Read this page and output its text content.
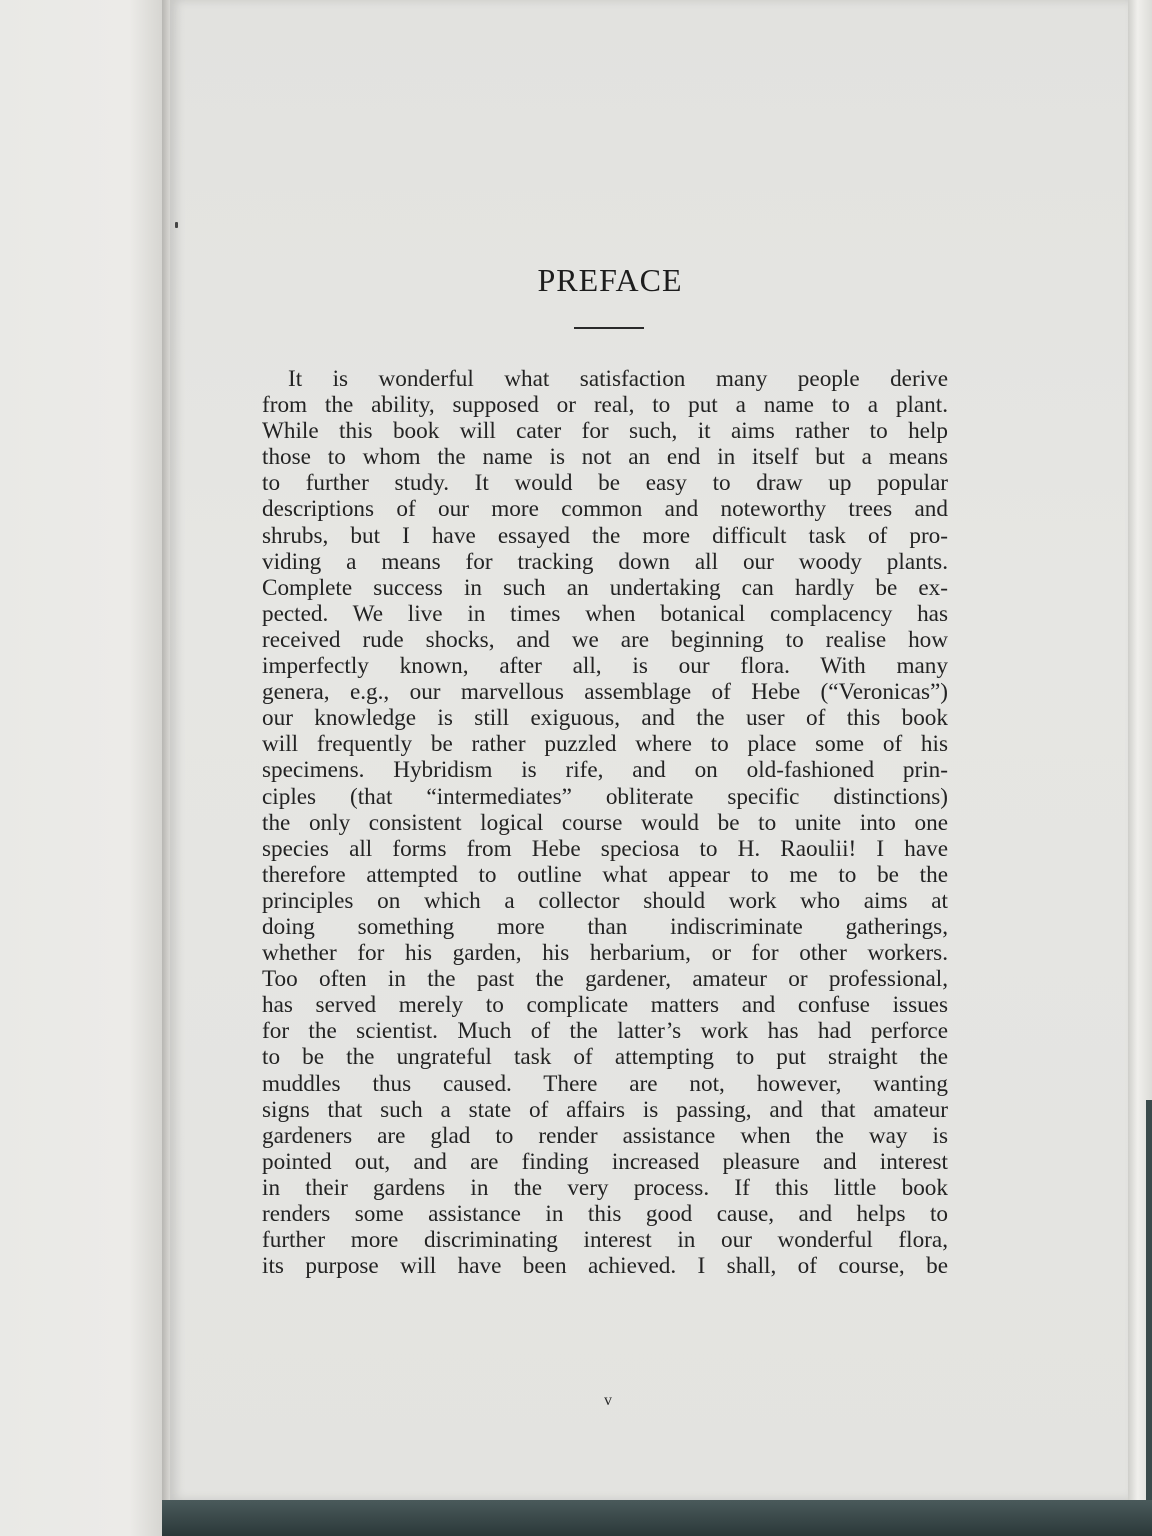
PREFACE
It is wonderful what satisfaction many people derive
from the ability, supposed or real, to put a name to a plant.
While this book will cater for such, it aims rather to help
those to whom the name is not an end in itself but a means
to further study. It would be easy to draw up popular
descriptions of our more common and noteworthy trees and
shrubs, but I have essayed the more difficult task of pro-
viding a means for tracking down all our woody plants.
Complete success in such an undertaking can hardly be ex-
pected. We live in times when botanical complacency has
received rude shocks, and we are beginning to realise how
imperfectly known, after all, is our flora. With many
genera, e.g., our marvellous assemblage of Hebe (“Veronicas”)
our knowledge is still exiguous, and the user of this book
will frequently be rather puzzled where to place some of his
specimens. Hybridism is rife, and on old-fashioned prin-
ciples (that “intermediates” obliterate specific distinctions)
the only consistent logical course would be to unite into one
species all forms from Hebe speciosa to H. Raoulii! I have
therefore attempted to outline what appear to me to be the
principles on which a collector should work who aims at
doing something more than indiscriminate gatherings,
whether for his garden, his herbarium, or for other workers.
Too often in the past the gardener, amateur or professional,
has served merely to complicate matters and confuse issues
for the scientist. Much of the latter’s work has had perforce
to be the ungrateful task of attempting to put straight the
muddles thus caused. There are not, however, wanting
signs that such a state of affairs is passing, and that amateur
gardeners are glad to render assistance when the way is
pointed out, and are finding increased pleasure and interest
in their gardens in the very process. If this little book
renders some assistance in this good cause, and helps to
further more discriminating interest in our wonderful flora,
its purpose will have been achieved. I shall, of course, be
v
